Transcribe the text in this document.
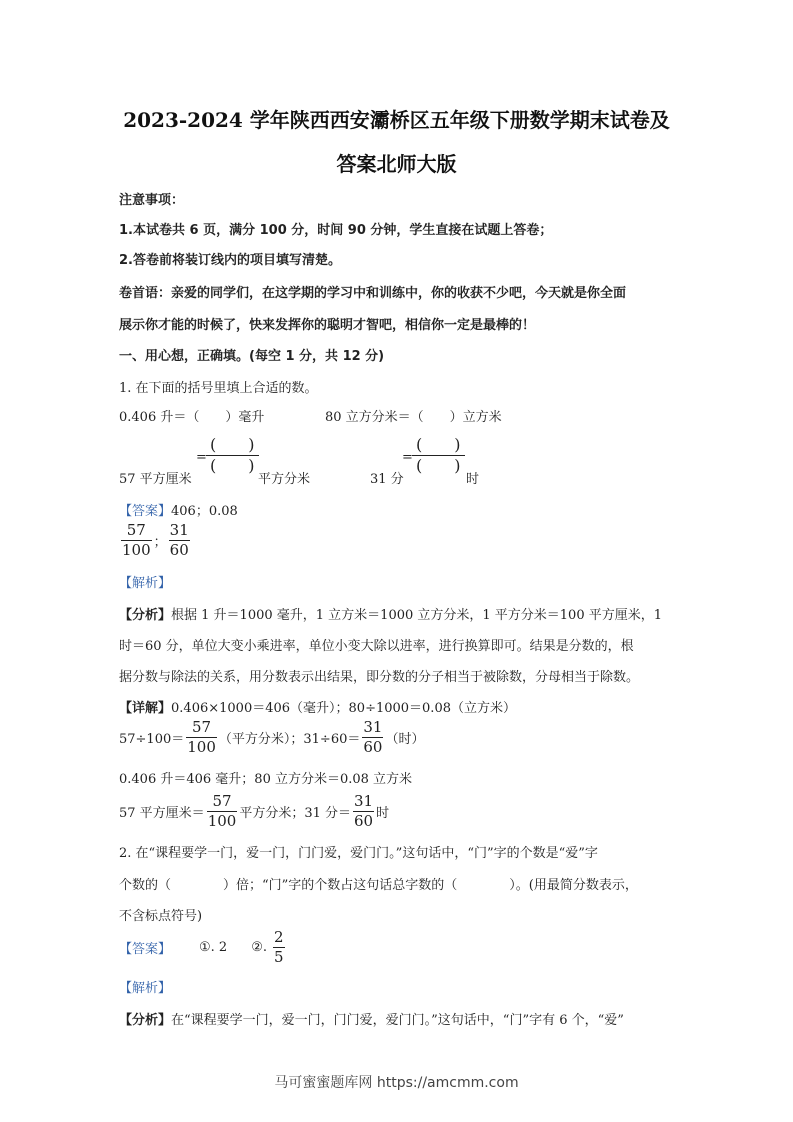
2023-2024 学年陕西西安灞桥区五年级下册数学期末试卷及
答案北师大版
注意事项：
1.本试卷共 6 页，满分 100 分，时间 90 分钟，学生直接在试题上答卷；
2.答卷前将装订线内的项目填写清楚。
卷首语：亲爱的同学们，在这学期的学习中和训练中，你的收获不少吧，今天就是你全面
展示你才能的时候了，快来发挥你的聪明才智吧，相信你一定是最棒的！
一、用心想，正确填。(每空 1 分，共 12 分)
1. 在下面的括号里填上合适的数。
0.406 升＝（　　）毫升	80 立方分米＝（　　）立方米
57 平方厘米
= $\frac{( )}{( )}$
平方分米	31 分
= $\frac{( )}{( )}$
时
【答案】406；0.08
$\frac{57}{100}$ ； $\frac{31}{60}$
【解析】
【分析】根据 1 升＝1000 毫升，1 立方米＝1000 立方分米，1 平方分米＝100 平方厘米，1
时＝60 分，单位大变小乘进率，单位小变大除以进率，进行换算即可。结果是分数的，根
据分数与除法的关系，用分数表示出结果，即分数的分子相当于被除数，分母相当于除数。
【详解】0.406×1000＝406（毫升）；80÷1000＝0.08（立方米）
$57\div 100= \frac{57}{100}$ （平方分米）；$31\div 60= \frac{31}{60}$ （时）
0.406 升＝406 毫升；80 立方分米＝0.08 立方米
57 平方厘米＝ $\frac{57}{100}$ 平方分米；31 分＝ $\frac{31}{60}$ 时
2. 在“课程要学一门，爱一门，门门爱，爱门门。”这句话中，“门”字的个数是“爱”字
个数的（　　　　）倍；“门”字的个数占这句话总字数的（　　　　）。(用最简分数表示，
不含标点符号)
【答案】 ①. 2 ②. $\frac{2}{5}$
【解析】
【分析】在“课程要学一门，爱一门，门门爱，爱门门。”这句话中，“门”字有 6 个，“爱”
马可蜜蜜题库网 https://amcmm.com
